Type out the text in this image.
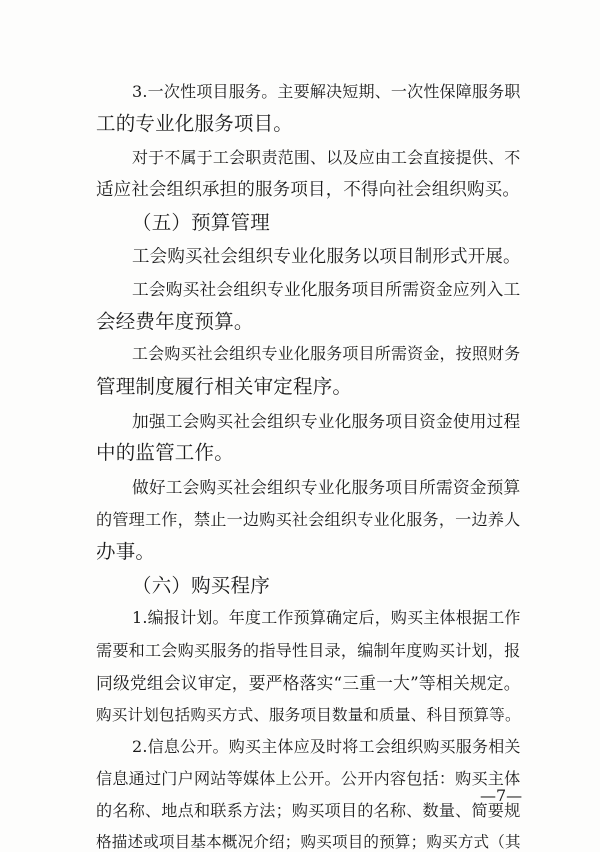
3.一次性项目服务。主要解决短期、一次性保障服务职
工的专业化服务项目。
对于不属于工会职责范围、以及应由工会直接提供、不
适应社会组织承担的服务项目，不得向社会组织购买。
（五）预算管理
工会购买社会组织专业化服务以项目制形式开展。
工会购买社会组织专业化服务项目所需资金应列入工
会经费年度预算。
工会购买社会组织专业化服务项目所需资金，按照财务
管理制度履行相关审定程序。
加强工会购买社会组织专业化服务项目资金使用过程
中的监管工作。
做好工会购买社会组织专业化服务项目所需资金预算
的管理工作，禁止一边购买社会组织专业化服务，一边养人
办事。
（六）购买程序
1.编报计划。年度工作预算确定后，购买主体根据工作
需要和工会购买服务的指导性目录，编制年度购买计划，报
同级党组会议审定，要严格落实“三重一大”等相关规定。
购买计划包括购买方式、服务项目数量和质量、科目预算等。
2.信息公开。购买主体应及时将工会组织购买服务相关
信息通过门户网站等媒体上公开。公开内容包括：购买主体
的名称、地点和联系方法；购买项目的名称、数量、简要规
格描述或项目基本概况介绍；购买项目的预算；购买方式（其
—7—
